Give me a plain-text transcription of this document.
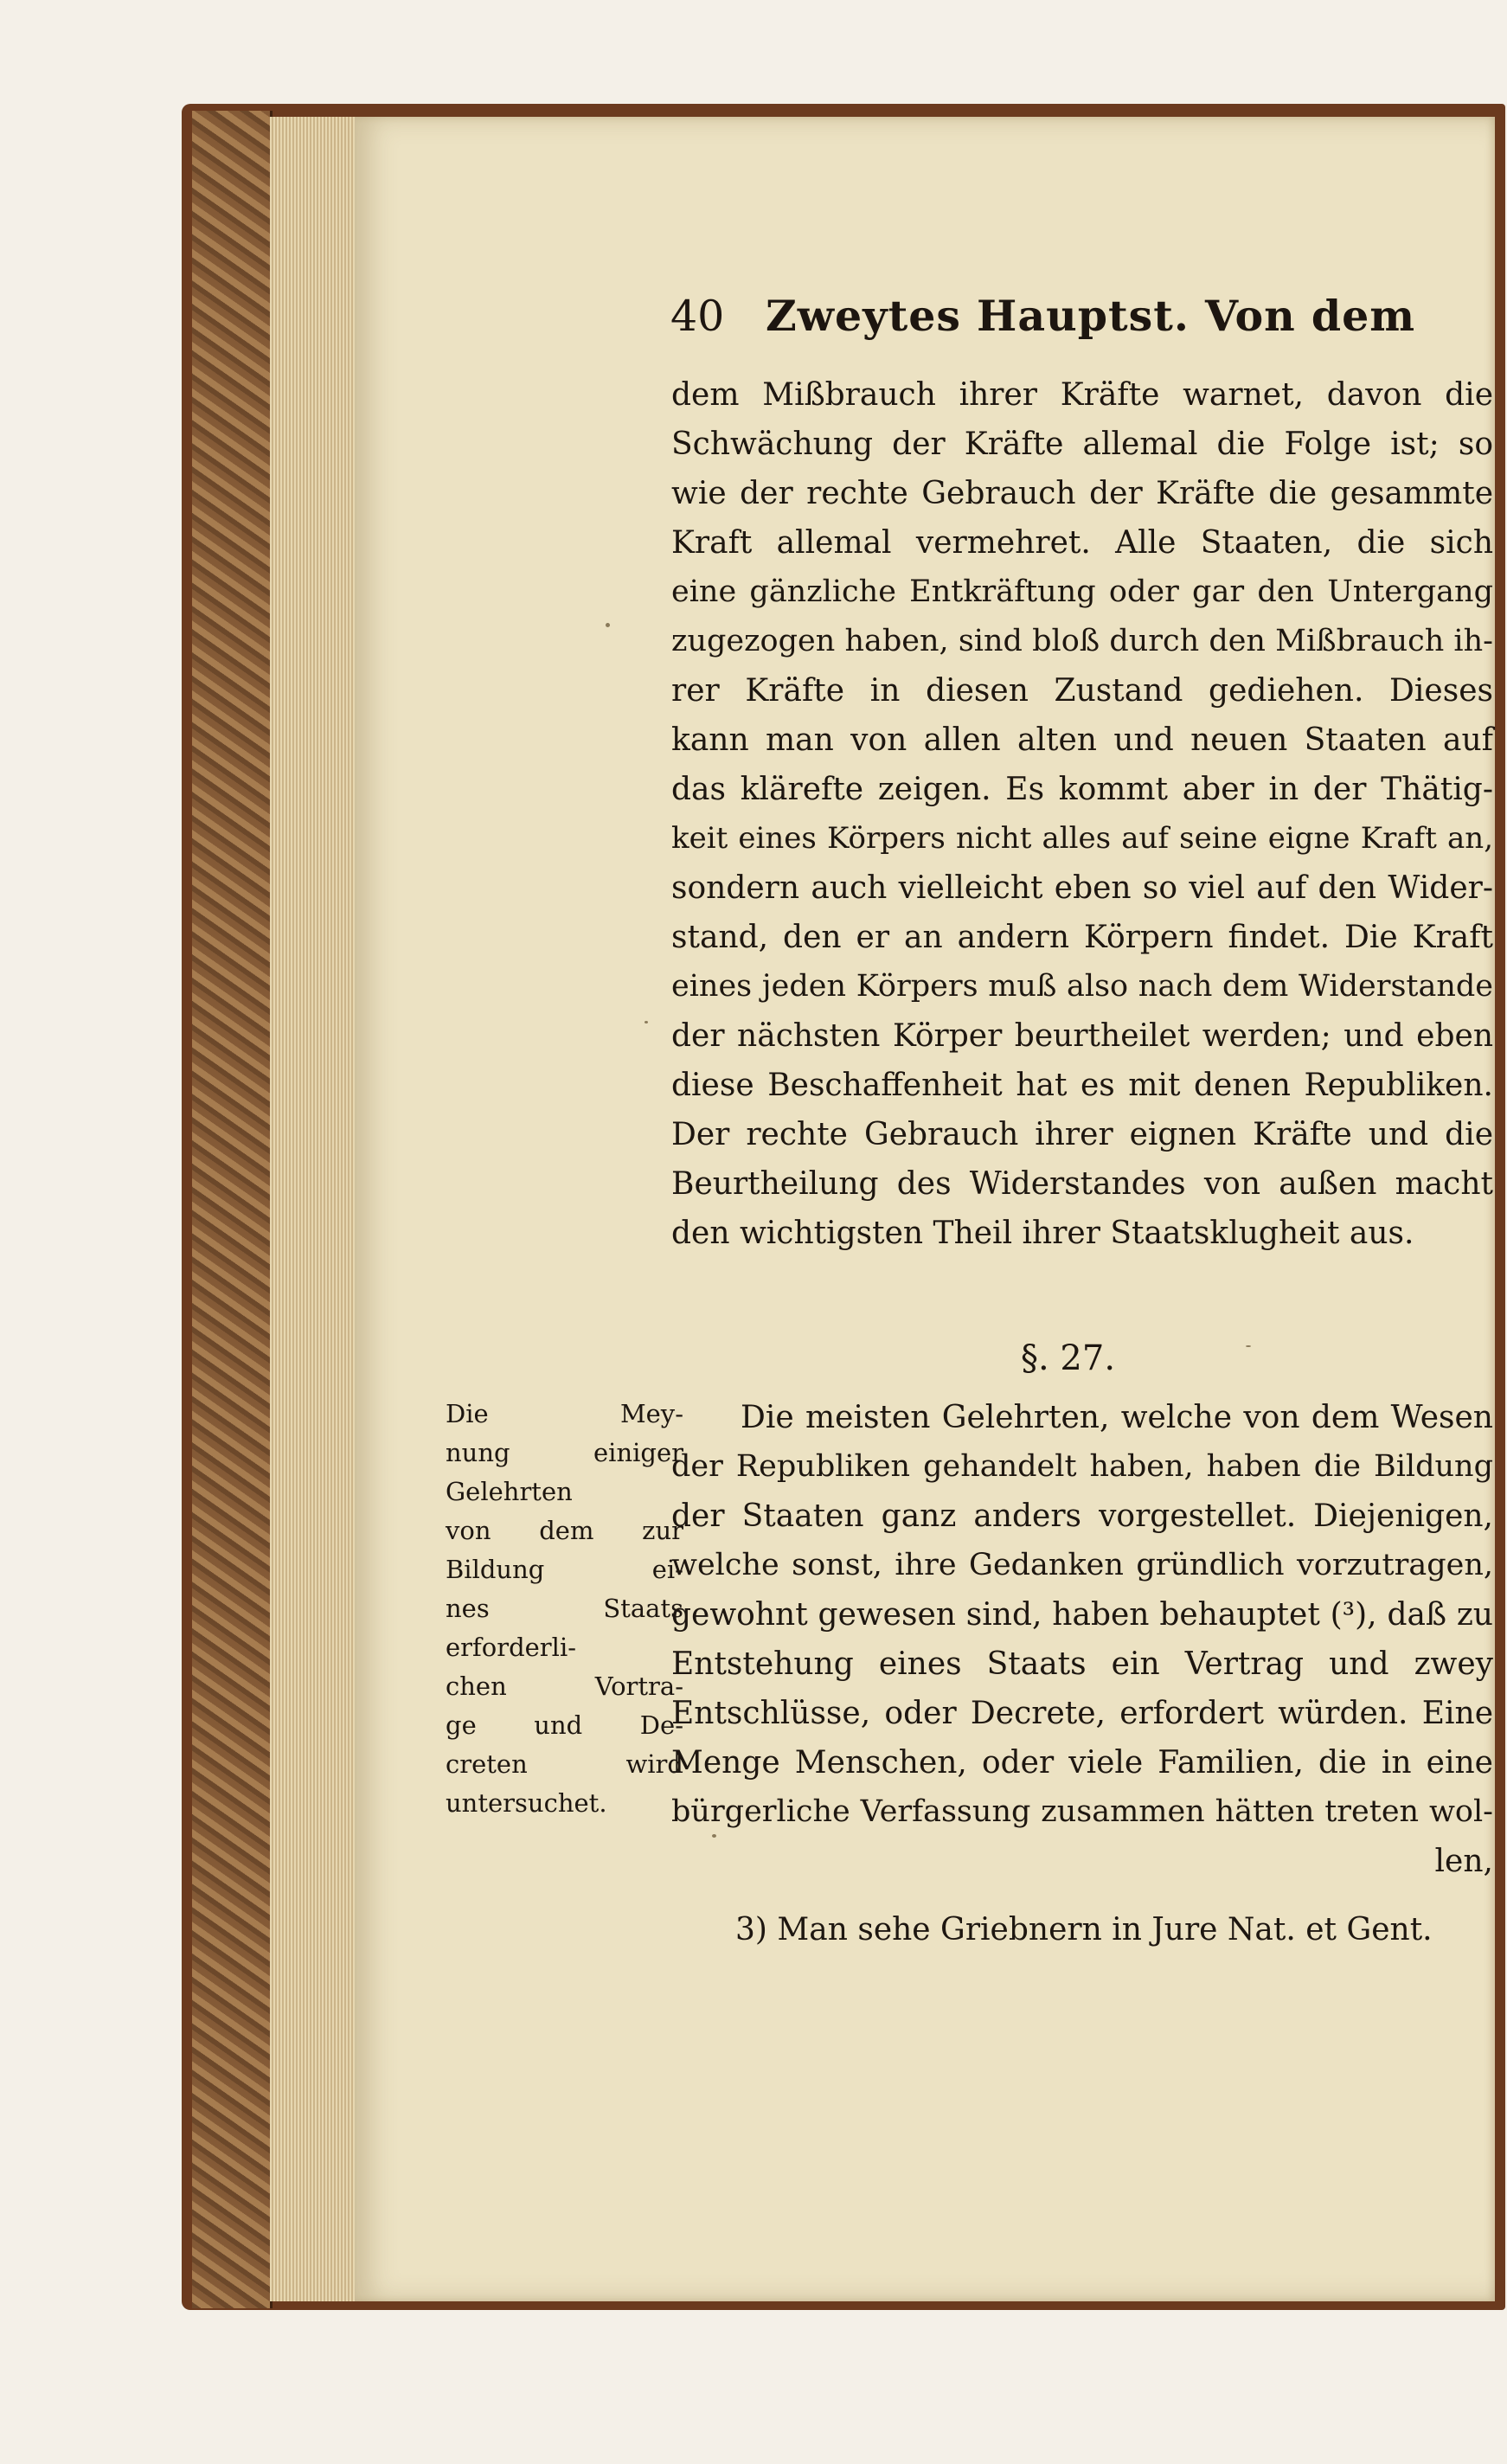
40 Zweytes Hauptst. Von dem
dem Mißbrauch ihrer Kräfte warnet, davon die
Schwächung der Kräfte allemal die Folge ist; so
wie der rechte Gebrauch der Kräfte die gesammte
Kraft allemal vermehret. Alle Staaten, die sich
eine gänzliche Entkräftung oder gar den Untergang
zugezogen haben, sind bloß durch den Mißbrauch ih-
rer Kräfte in diesen Zustand gediehen. Dieses
kann man von allen alten und neuen Staaten auf
das klärefte zeigen. Es kommt aber in der Thätig-
keit eines Körpers nicht alles auf seine eigne Kraft an,
sondern auch vielleicht eben so viel auf den Wider-
stand, den er an andern Körpern findet. Die Kraft
eines jeden Körpers muß also nach dem Widerstande
der nächsten Körper beurtheilet werden; und eben
diese Beschaffenheit hat es mit denen Republiken.
Der rechte Gebrauch ihrer eignen Kräfte und die
Beurtheilung des Widerstandes von außen macht
den wichtigsten Theil ihrer Staatsklugheit aus.
§. 27.
Die Mey-
nung einiger
Gelehrten
von dem zur
Bildung ei-
nes Staats
erforderli-
chen Vortra-
ge und De-
creten wird
untersuchet.
Die meisten Gelehrten, welche von dem Wesen
der Republiken gehandelt haben, haben die Bildung
der Staaten ganz anders vorgestellet. Diejenigen,
welche sonst, ihre Gedanken gründlich vorzutragen,
gewohnt gewesen sind, haben behauptet (³), daß zu
Entstehung eines Staats ein Vertrag und zwey
Entschlüsse, oder Decrete, erfordert würden. Eine
Menge Menschen, oder viele Familien, die in eine
bürgerliche Verfassung zusammen hätten treten wol-
len,
3) Man sehe Griebnern in Jure Nat. et Gent.
